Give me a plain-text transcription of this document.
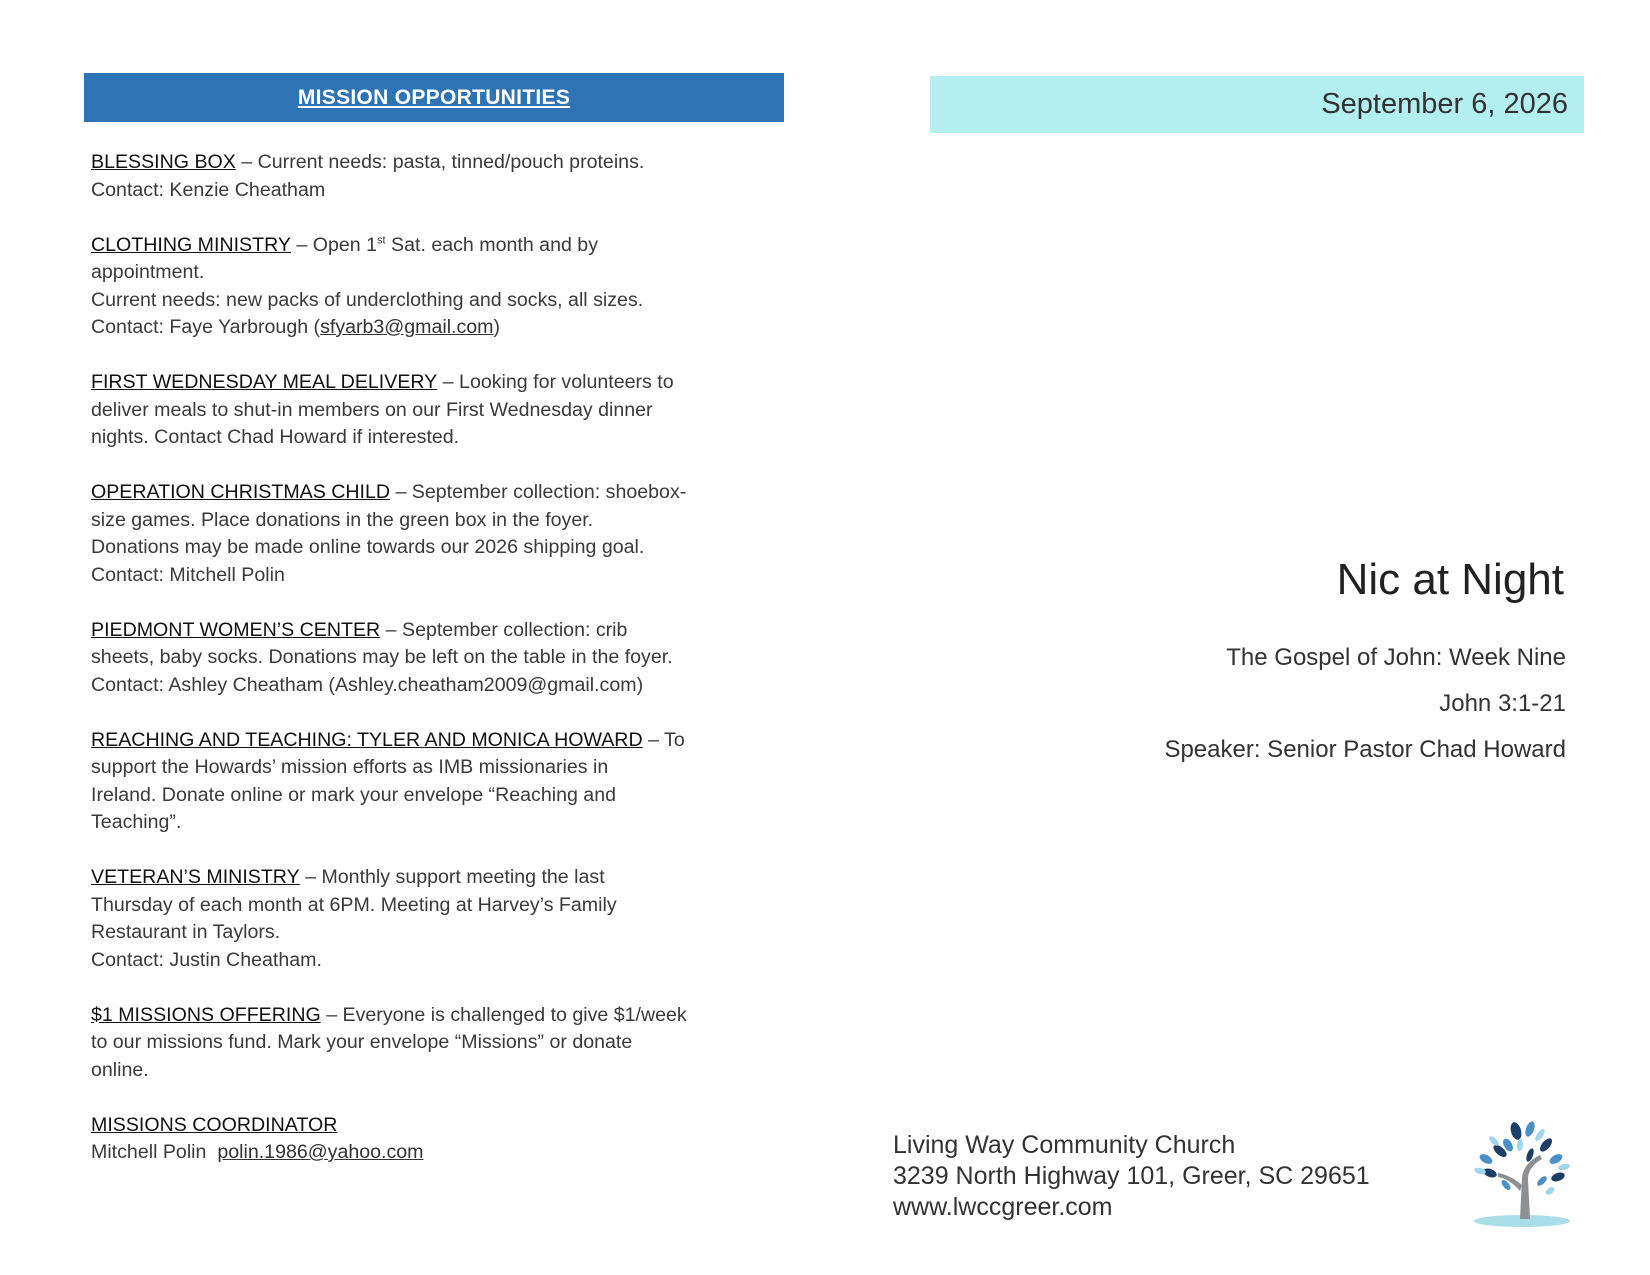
MISSION OPPORTUNITIES
BLESSING BOX – Current needs: pasta, tinned/pouch proteins.
Contact: Kenzie Cheatham
CLOTHING MINISTRY – Open 1st Sat. each month and by
appointment.
Current needs: new packs of underclothing and socks, all sizes.
Contact: Faye Yarbrough (sfyarb3@gmail.com)
FIRST WEDNESDAY MEAL DELIVERY – Looking for volunteers to
deliver meals to shut-in members on our First Wednesday dinner
nights. Contact Chad Howard if interested.
OPERATION CHRISTMAS CHILD – September collection: shoebox-
size games. Place donations in the green box in the foyer.
Donations may be made online towards our 2026 shipping goal.
Contact: Mitchell Polin
PIEDMONT WOMEN’S CENTER – September collection: crib
sheets, baby socks. Donations may be left on the table in the foyer.
Contact: Ashley Cheatham (Ashley.cheatham2009@gmail.com)
REACHING AND TEACHING: TYLER AND MONICA HOWARD – To
support the Howards’ mission efforts as IMB missionaries in
Ireland. Donate online or mark your envelope “Reaching and
Teaching”.
VETERAN’S MINISTRY – Monthly support meeting the last
Thursday of each month at 6PM. Meeting at Harvey’s Family
Restaurant in Taylors.
Contact: Justin Cheatham.
$1 MISSIONS OFFERING – Everyone is challenged to give $1/week
to our missions fund. Mark your envelope “Missions” or donate
online.
MISSIONS COORDINATOR
Mitchell Polin polin.1986@yahoo.com
September 6, 2026
Nic at Night
The Gospel of John: Week Nine
John 3:1-21
Speaker: Senior Pastor Chad Howard
Living Way Community Church
3239 North Highway 101, Greer, SC 29651
www.lwccgreer.com
